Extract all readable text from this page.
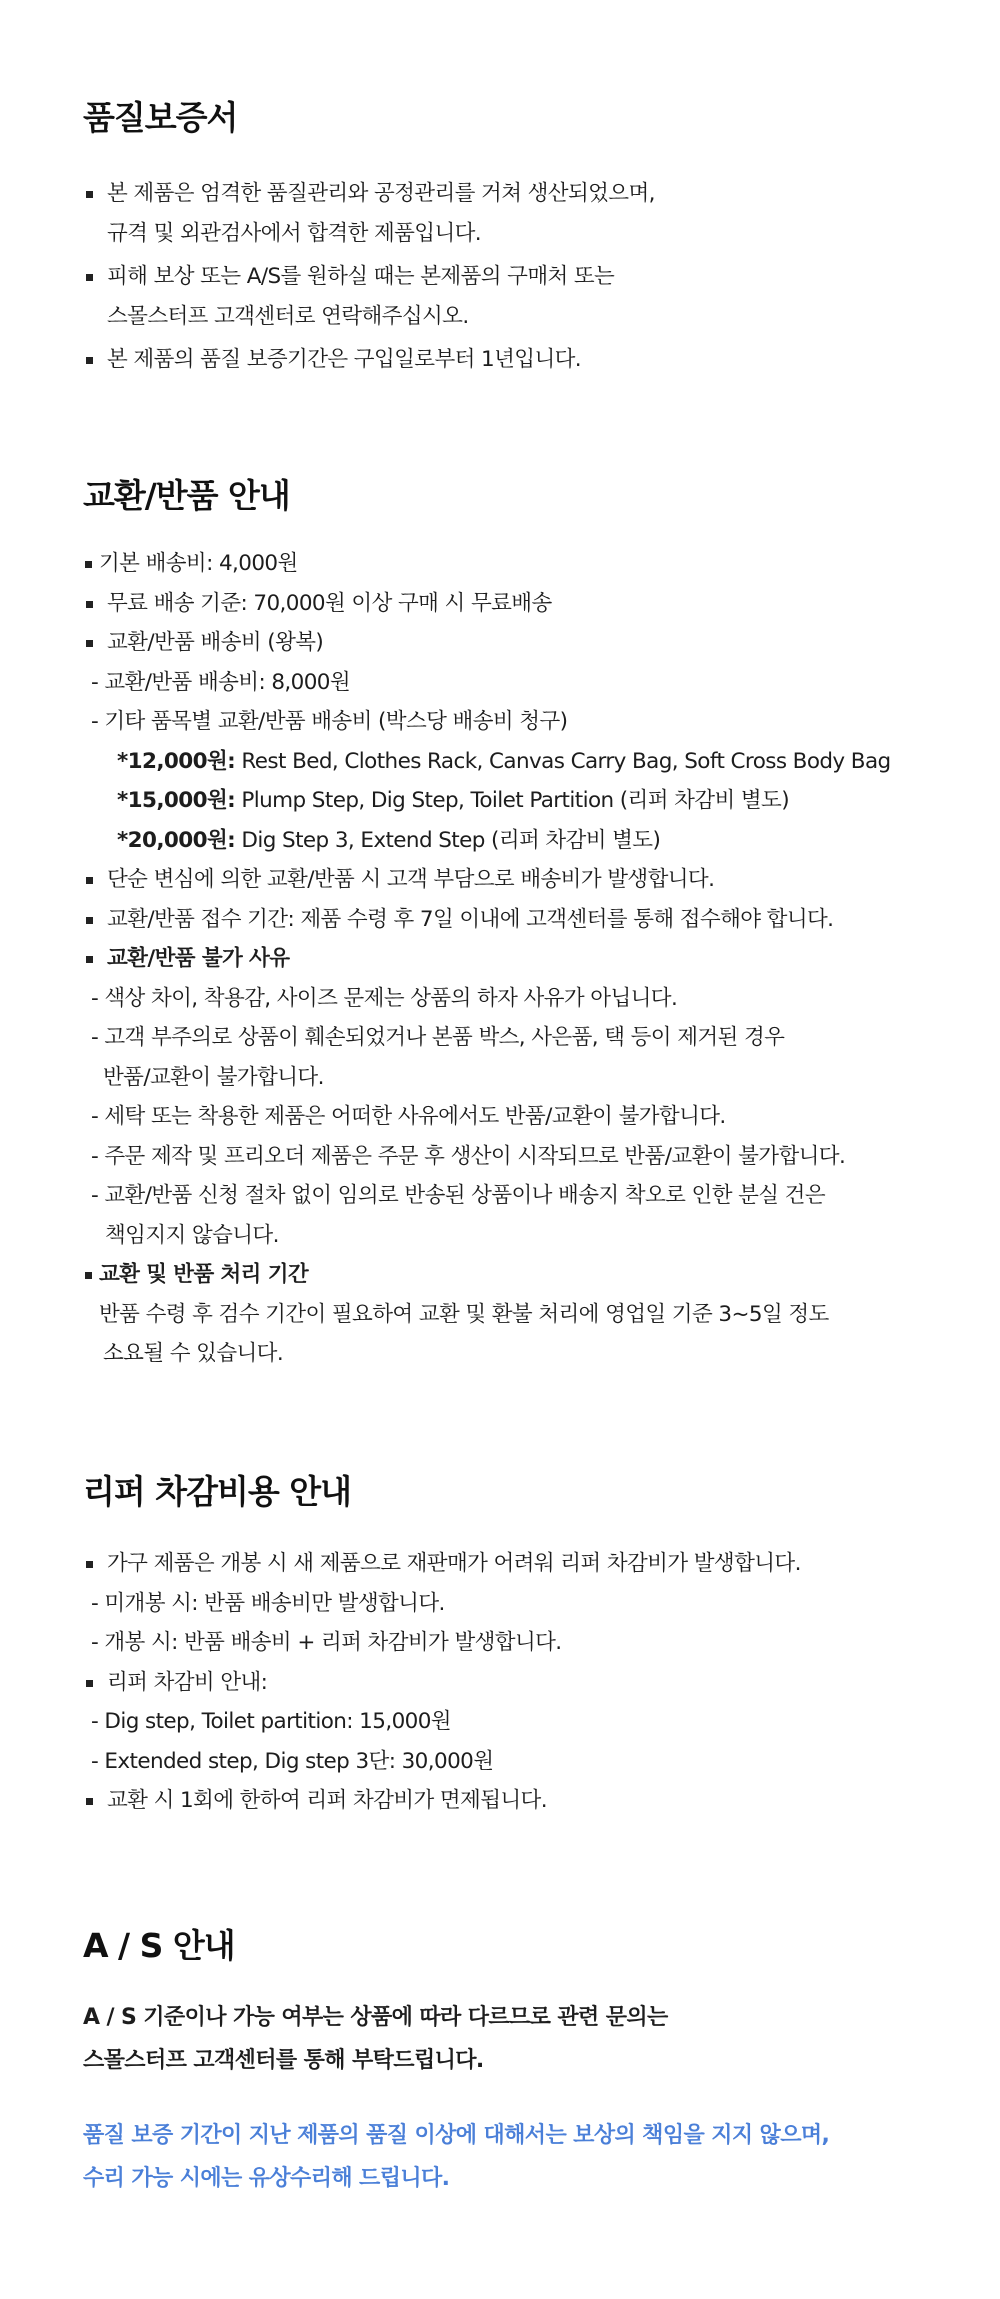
품질보증서
본 제품은 엄격한 품질관리와 공정관리를 거쳐 생산되었으며,
규격 및 외관검사에서 합격한 제품입니다.
피해 보상 또는 A/S를 원하실 때는 본제품의 구매처 또는
스몰스터프 고객센터로 연락해주십시오.
본 제품의 품질 보증기간은 구입일로부터 1년입니다.
교환/반품 안내
기본 배송비: 4,000원
무료 배송 기준: 70,000원 이상 구매 시 무료배송
교환/반품 배송비 (왕복)
- 교환/반품 배송비: 8,000원
- 기타 품목별 교환/반품 배송비 (박스당 배송비 청구)
*12,000원: Rest Bed, Clothes Rack, Canvas Carry Bag, Soft Cross Body Bag
*15,000원: Plump Step, Dig Step, Toilet Partition (리퍼 차감비 별도)
*20,000원: Dig Step 3, Extend Step (리퍼 차감비 별도)
단순 변심에 의한 교환/반품 시 고객 부담으로 배송비가 발생합니다.
교환/반품 접수 기간: 제품 수령 후 7일 이내에 고객센터를 통해 접수해야 합니다.
교환/반품 불가 사유
- 색상 차이, 착용감, 사이즈 문제는 상품의 하자 사유가 아닙니다.
- 고객 부주의로 상품이 훼손되었거나 본품 박스, 사은품, 택 등이 제거된 경우
반품/교환이 불가합니다.
- 세탁 또는 착용한 제품은 어떠한 사유에서도 반품/교환이 불가합니다.
- 주문 제작 및 프리오더 제품은 주문 후 생산이 시작되므로 반품/교환이 불가합니다.
- 교환/반품 신청 절차 없이 임의로 반송된 상품이나 배송지 착오로 인한 분실 건은
책임지지 않습니다.
교환 및 반품 처리 기간
반품 수령 후 검수 기간이 필요하여 교환 및 환불 처리에 영업일 기준 3~5일 정도
소요될 수 있습니다.
리퍼 차감비용 안내
가구 제품은 개봉 시 새 제품으로 재판매가 어려워 리퍼 차감비가 발생합니다.
- 미개봉 시: 반품 배송비만 발생합니다.
- 개봉 시: 반품 배송비 + 리퍼 차감비가 발생합니다.
리퍼 차감비 안내:
- Dig step, Toilet partition: 15,000원
- Extended step, Dig step 3단: 30,000원
교환 시 1회에 한하여 리퍼 차감비가 면제됩니다.
A / S 안내
A / S 기준이나 가능 여부는 상품에 따라 다르므로 관련 문의는
스몰스터프 고객센터를 통해 부탁드립니다.
품질 보증 기간이 지난 제품의 품질 이상에 대해서는 보상의 책임을 지지 않으며,
수리 가능 시에는 유상수리해 드립니다.
